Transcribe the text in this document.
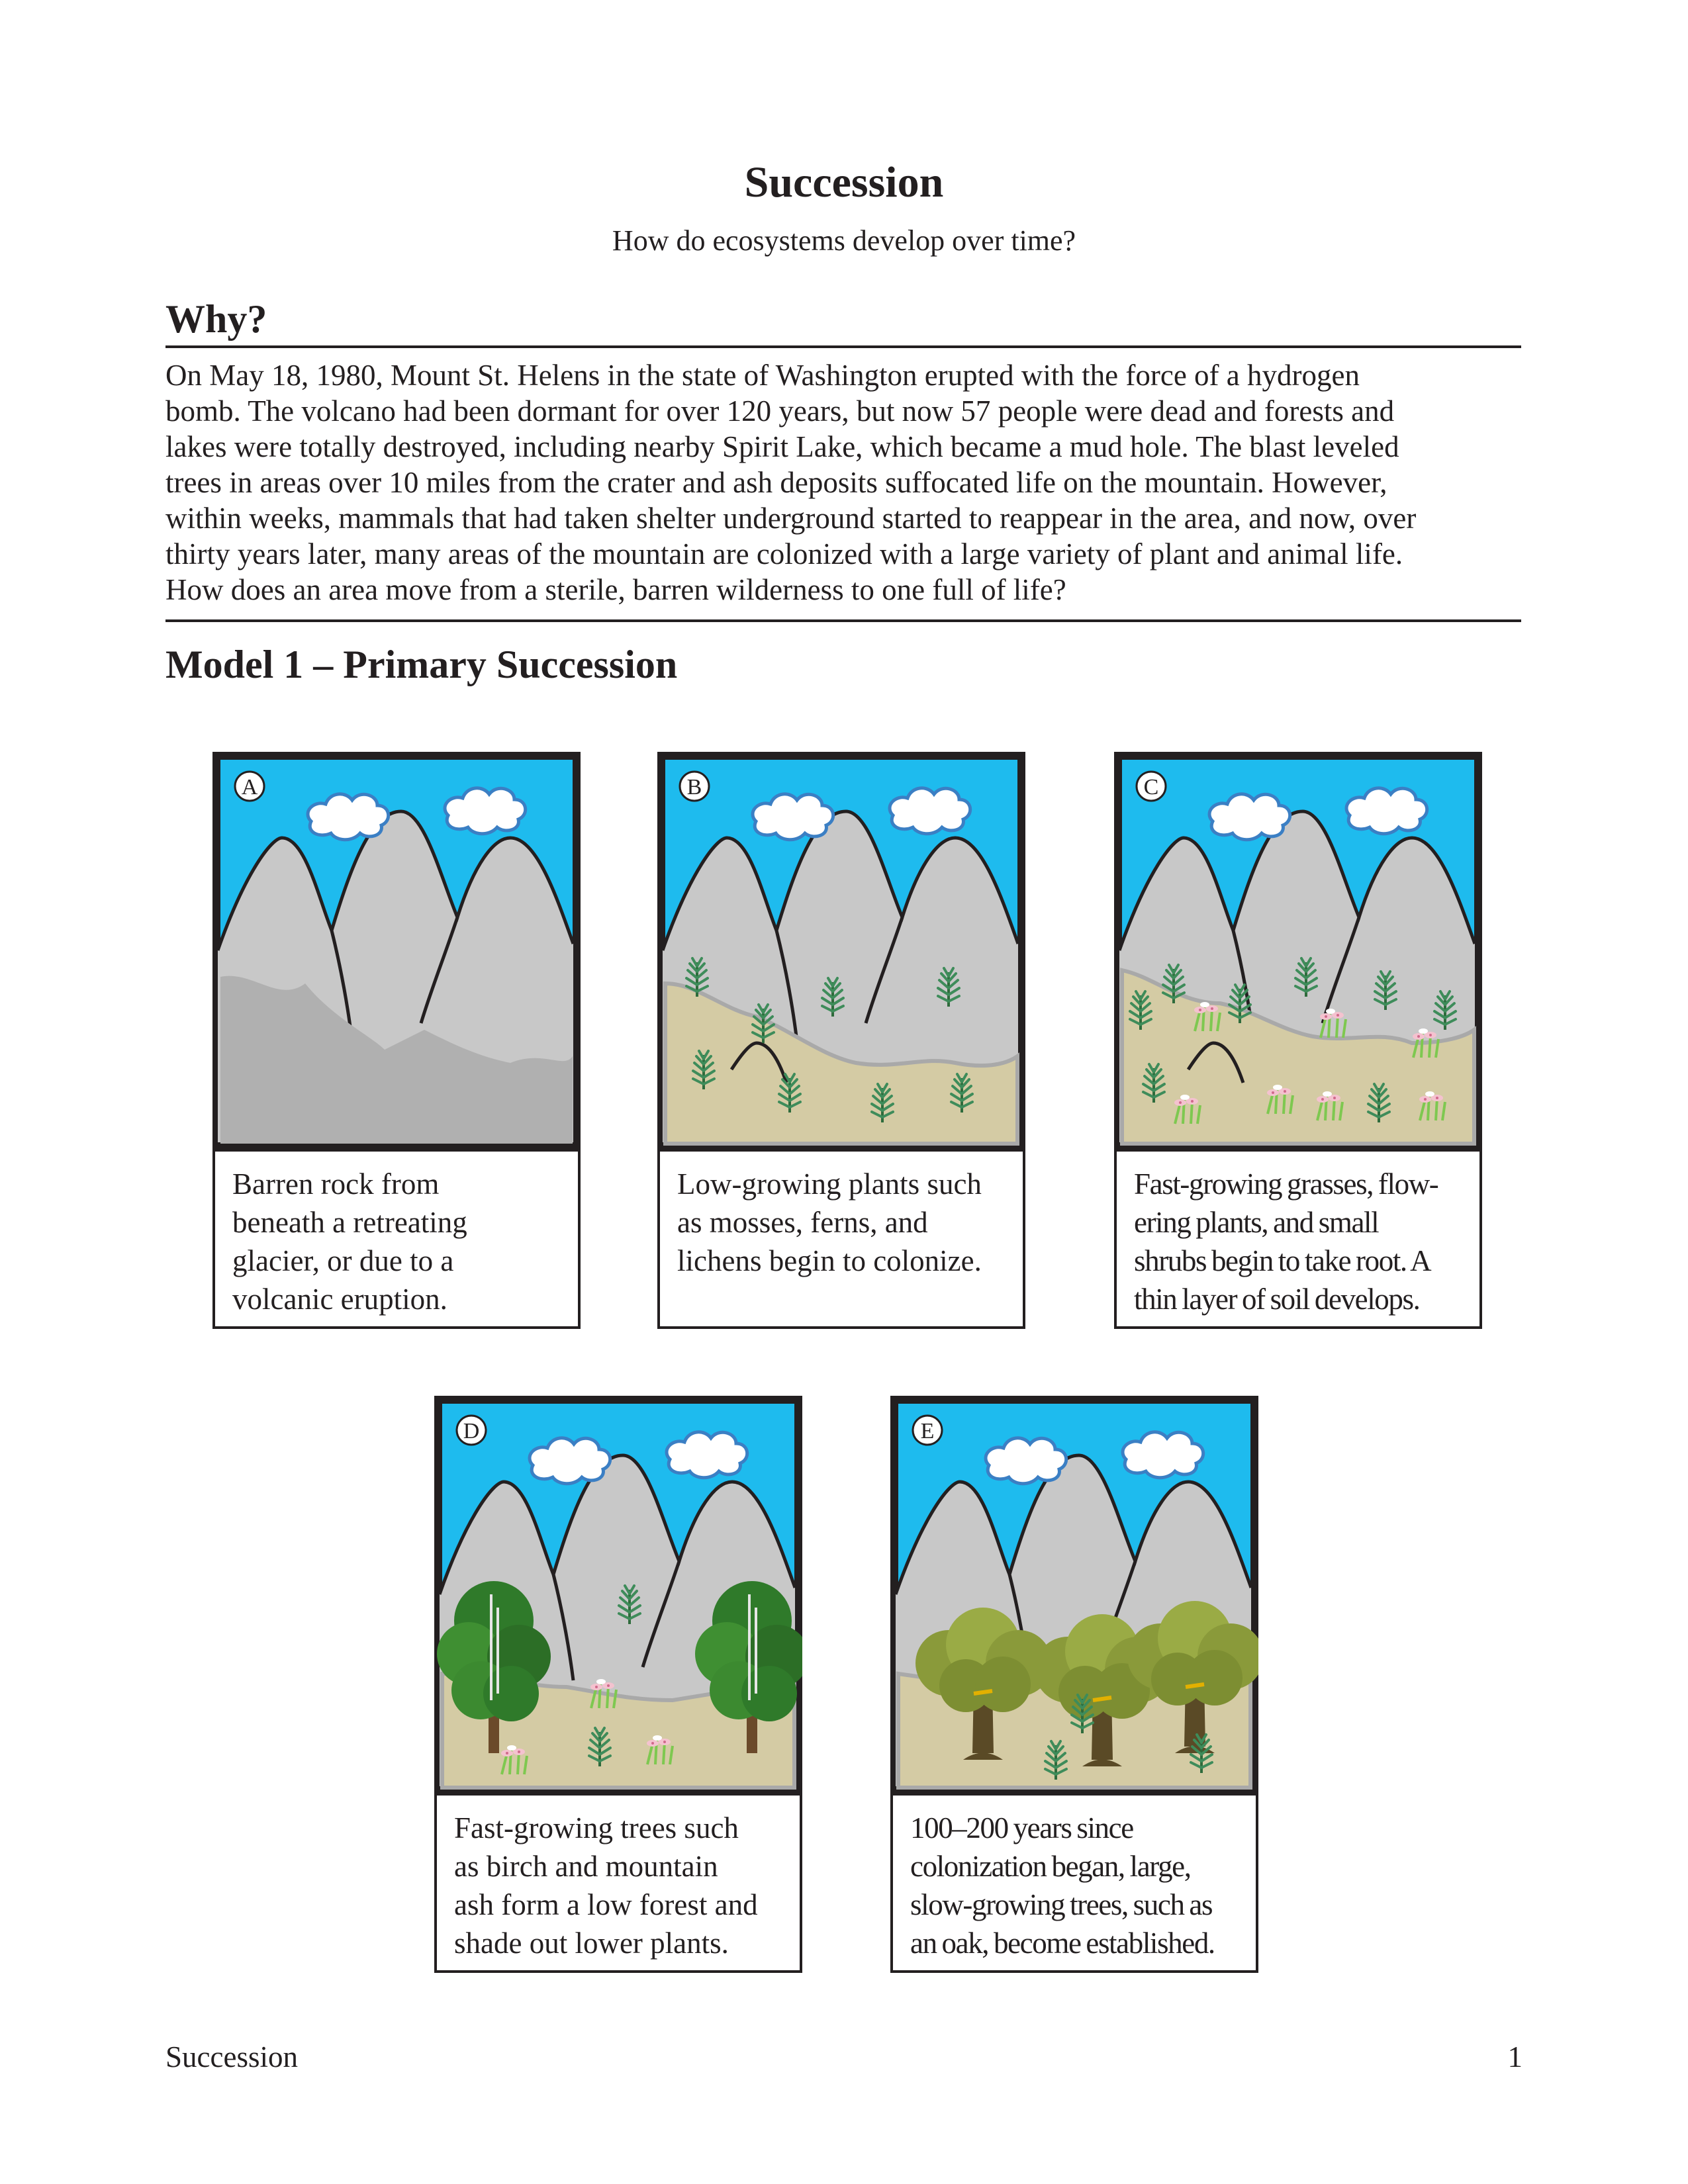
Succession
How do ecosystems develop over time?
Why?
On May 18, 1980, Mount St. Helens in the state of Washington erupted with the force of a hydrogen
bomb. The volcano had been dormant for over 120 years, but now 57 people were dead and forests and
lakes were totally destroyed, including nearby Spirit Lake, which became a mud hole. The blast leveled
trees in areas over 10 miles from the crater and ash deposits suffocated life on the mountain. However,
within weeks, mammals that had taken shelter underground started to reappear in the area, and now, over
thirty years later, many areas of the mountain are colonized with a large variety of plant and animal life.
How does an area move from a sterile, barren wilderness to one full of life?
Model 1 – Primary Succession
A
Barren rock from
beneath a retreating
glacier, or due to a
volcanic eruption.
B
Low-growing plants such
as mosses, ferns, and
lichens begin to colonize.
C
Fast-growing grasses, flow-
ering plants, and small
shrubs begin to take root. A
thin layer of soil develops.
D
Fast-growing trees such
as birch and mountain
ash form a low forest and
shade out lower plants.
E
100–200 years since
colonization began, large,
slow-growing trees, such as
an oak, become established.
Succession	1
